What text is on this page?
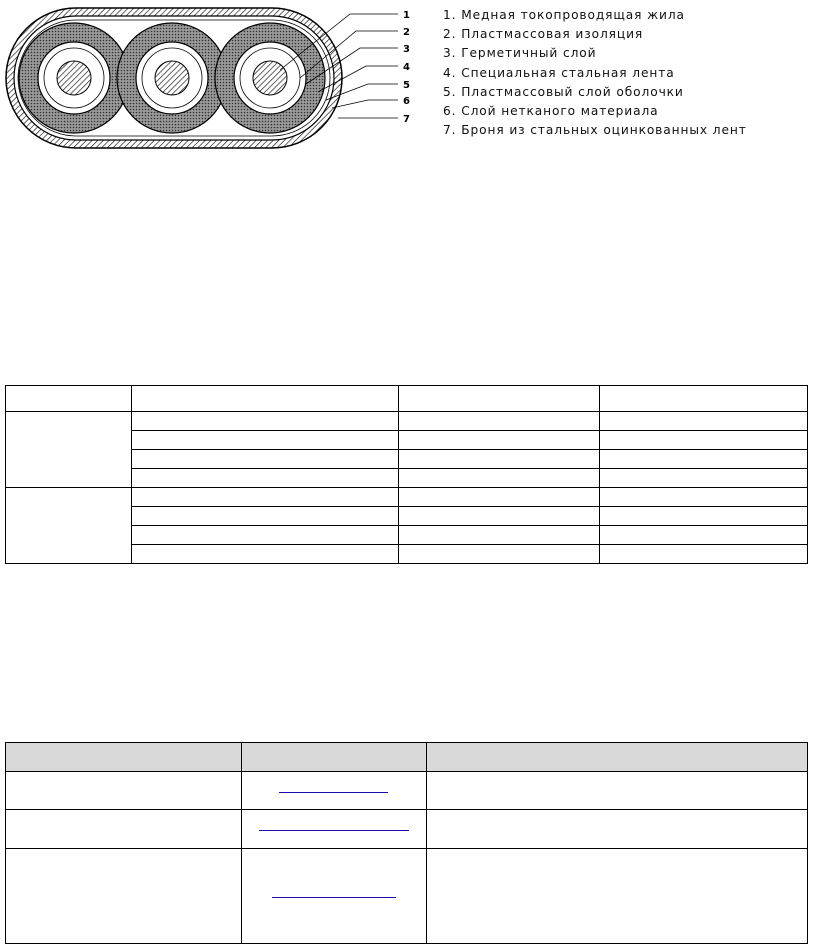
1
2
3
4
5
6
7
1. Медная токопроводящая жила
2. Пластмассовая изоляция
3. Герметичный слой
4. Специальная стальная лента
5. Пластмассовый слой оболочки
6. Слой нетканого материала
7. Броня из стальных оцинкованных лент
